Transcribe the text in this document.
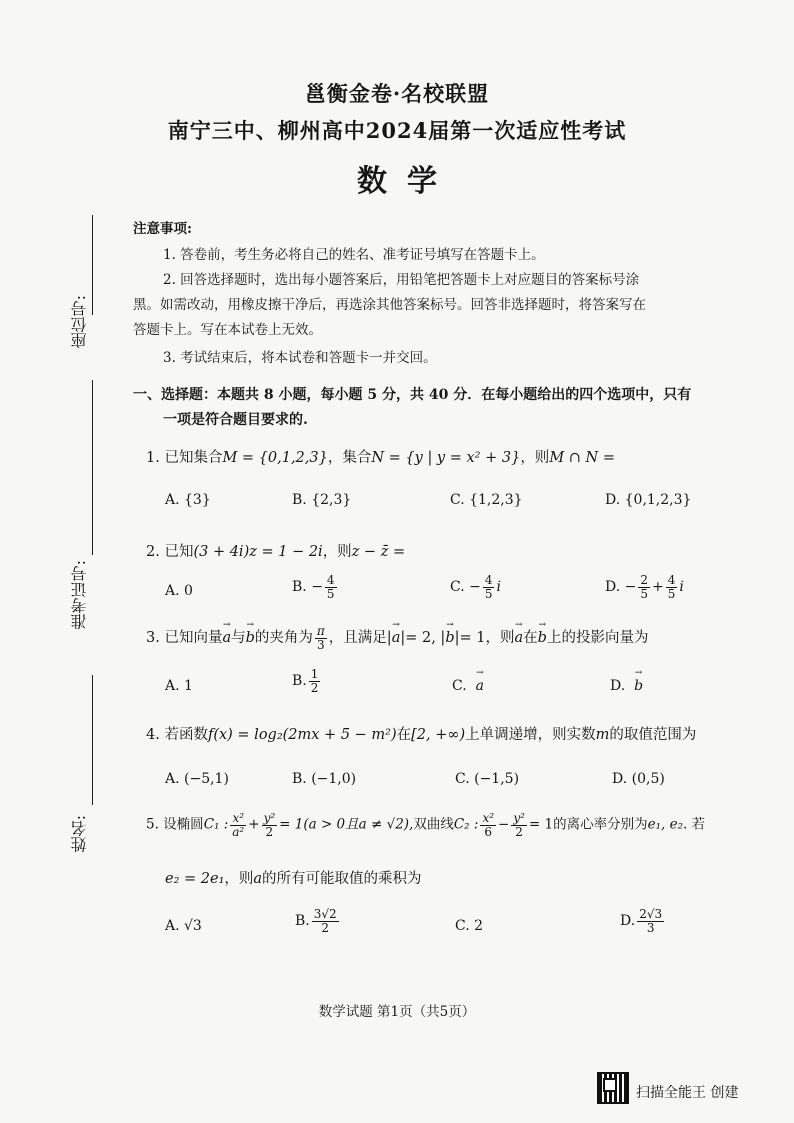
邕衡金卷·名校联盟
南宁三中、柳州高中2024届第一次适应性考试
数学
座位号:
准考证号:
姓名:
注意事项:
1. 答卷前，考生务必将自己的姓名、准考证号填写在答题卡上。
2. 回答选择题时，选出每小题答案后，用铅笔把答题卡上对应题目的答案标号涂
黑。如需改动，用橡皮擦干净后，再选涂其他答案标号。回答非选择题时，将答案写在
答题卡上。写在本试卷上无效。
3. 考试结束后，将本试卷和答题卡一并交回。
一、选择题：本题共 8 小题，每小题 5 分，共 40 分．在每小题给出的四个选项中，只有
一项是符合题目要求的.
1. 已知集合M = {0,1,2,3}，集合N = {y | y = x² + 3}，则M ∩ N =
A. {3}	B. {2,3}	C. {1,2,3}	D. {0,1,2,3}
2. 已知(3 + 4i)z = 1 − 2i，则z − z̄ =
A. 0	B. − $\frac{4}{5}$	C. − $\frac{4}{5}$ i	D. − $\frac{2}{5} + \frac{4}{5}$ i
3. 已知向量→ a与→ b的夹角为 $\frac{\pi}{3}$ ，且满足|→ a|= 2, |→ b|= 1，则→ a在→ b上的投影向量为
A. 1	B. $\frac{1}{2}$	C. → a	D. → b
4. 若函数f(x) = log₂(2mx + 5 − m²)在[2, +∞)上单调递增，则实数m的取值范围为
A. (−5,1)	B. (−1,0)	C. (−1,5)	D. (0,5)
5. 设椭圆C₁ : $\frac{\text{x²}}{\text{a²}} + \frac{\text{y²}}{2} = 1(a > 0$且a ≠ √2),双曲线C₂ : $\frac{\text{x²}}{6} - \frac{\text{y²}}{2} = 1$的离心率分别为e₁, e₂. 若
e₂ = 2e₁，则a的所有可能取值的乘积为
A. √3	B. $\frac{3√2}{2}$	C. 2	D. $\frac{2√3}{3}$
数学试题 第1页（共5页）
扫描全能王 创建
